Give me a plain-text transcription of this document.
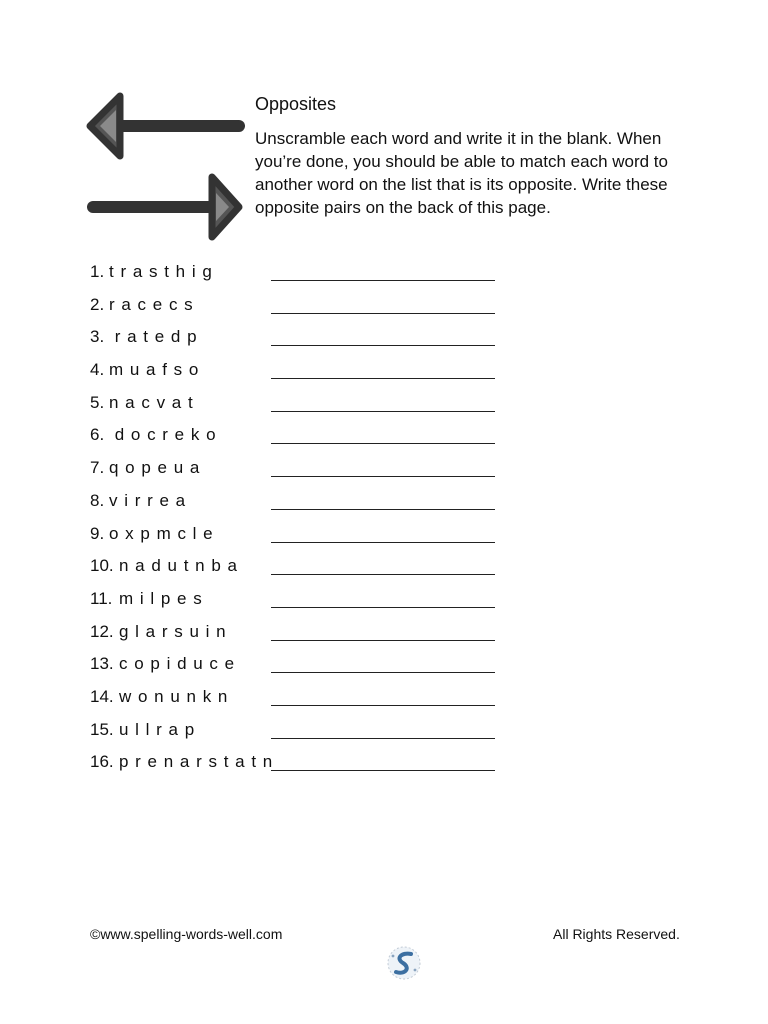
Opposites

Unscramble each word and write it in the blank. When you’re done, you should be able to match each word to another word on the list that is its opposite. Write these opposite pairs on the back of this page.

1. t r a s t h i g
2. r a c e c s
3. r a t e d p
4. m u a f s o
5. n a c v a t
6. d o c r e k o
7. q o p e u a
8. v i r r e a
9. o x p m c l e
10. n a d u t n b a
11. m i l p e s
12. g l a r s u i n
13. c o p i d u c e
14. w o n u n k n
15. u l l r a p
16. p r e n a r s t a t n

©www.spelling-words-well.com	All Rights Reserved.
